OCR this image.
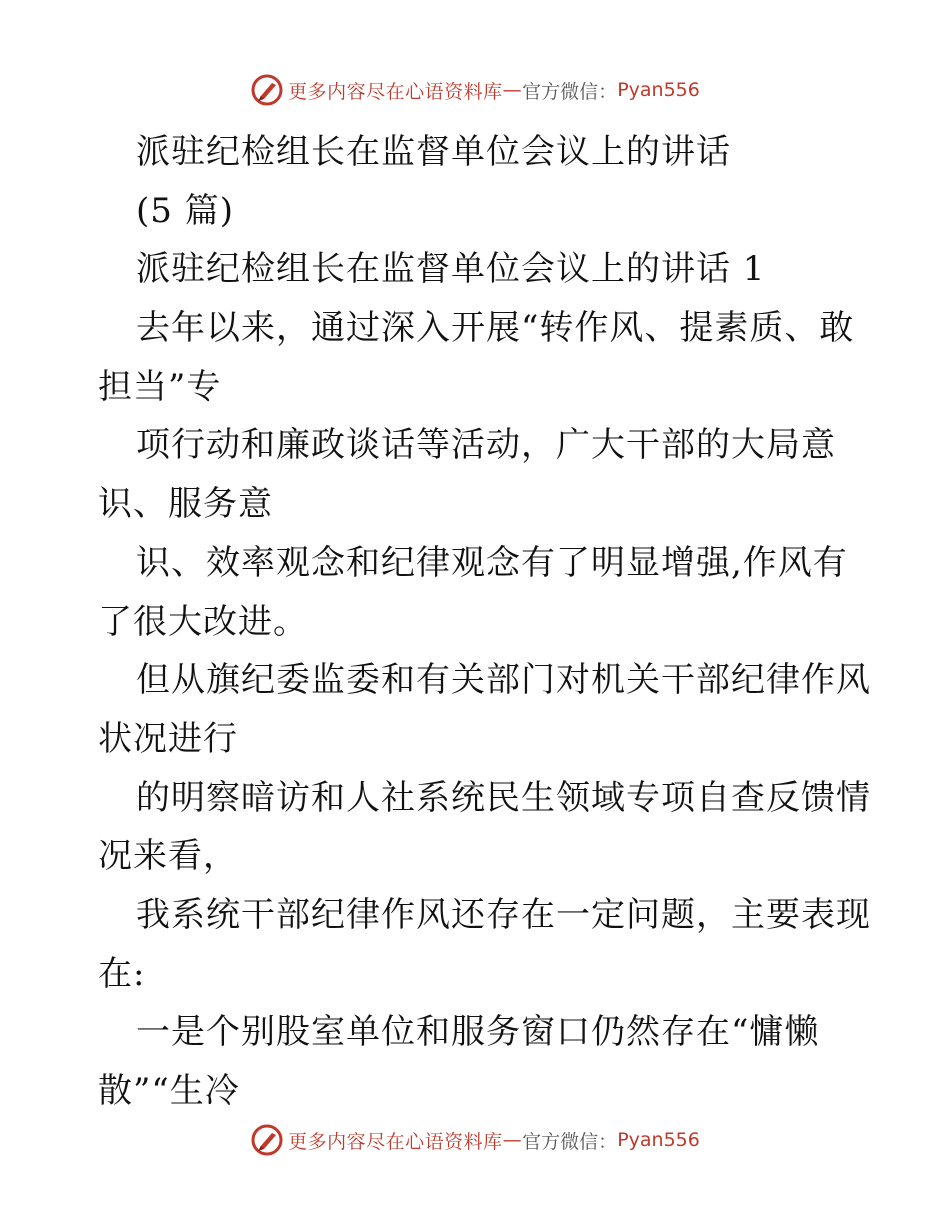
更多内容尽在心语资料库 — 官方微信： Pyan556
派驻纪检组长在监督单位会议上的讲话
(5 篇)
派驻纪检组长在监督单位会议上的讲话 1
去年以来，通过深入开展“转作风、提素质、敢
担当”专
项行动和廉政谈话等活动，广大干部的大局意
识、服务意
识、效率观念和纪律观念有了明显增强,作风有
了很大改进。
但从旗纪委监委和有关部门对机关干部纪律作风
状况进行
的明察暗访和人社系统民生领域专项自查反馈情
况来看，
我系统干部纪律作风还存在一定问题，主要表现
在:
一是个别股室单位和服务窗口仍然存在“慵懒
散”“生冷
更多内容尽在心语资料库 — 官方微信： Pyan556
